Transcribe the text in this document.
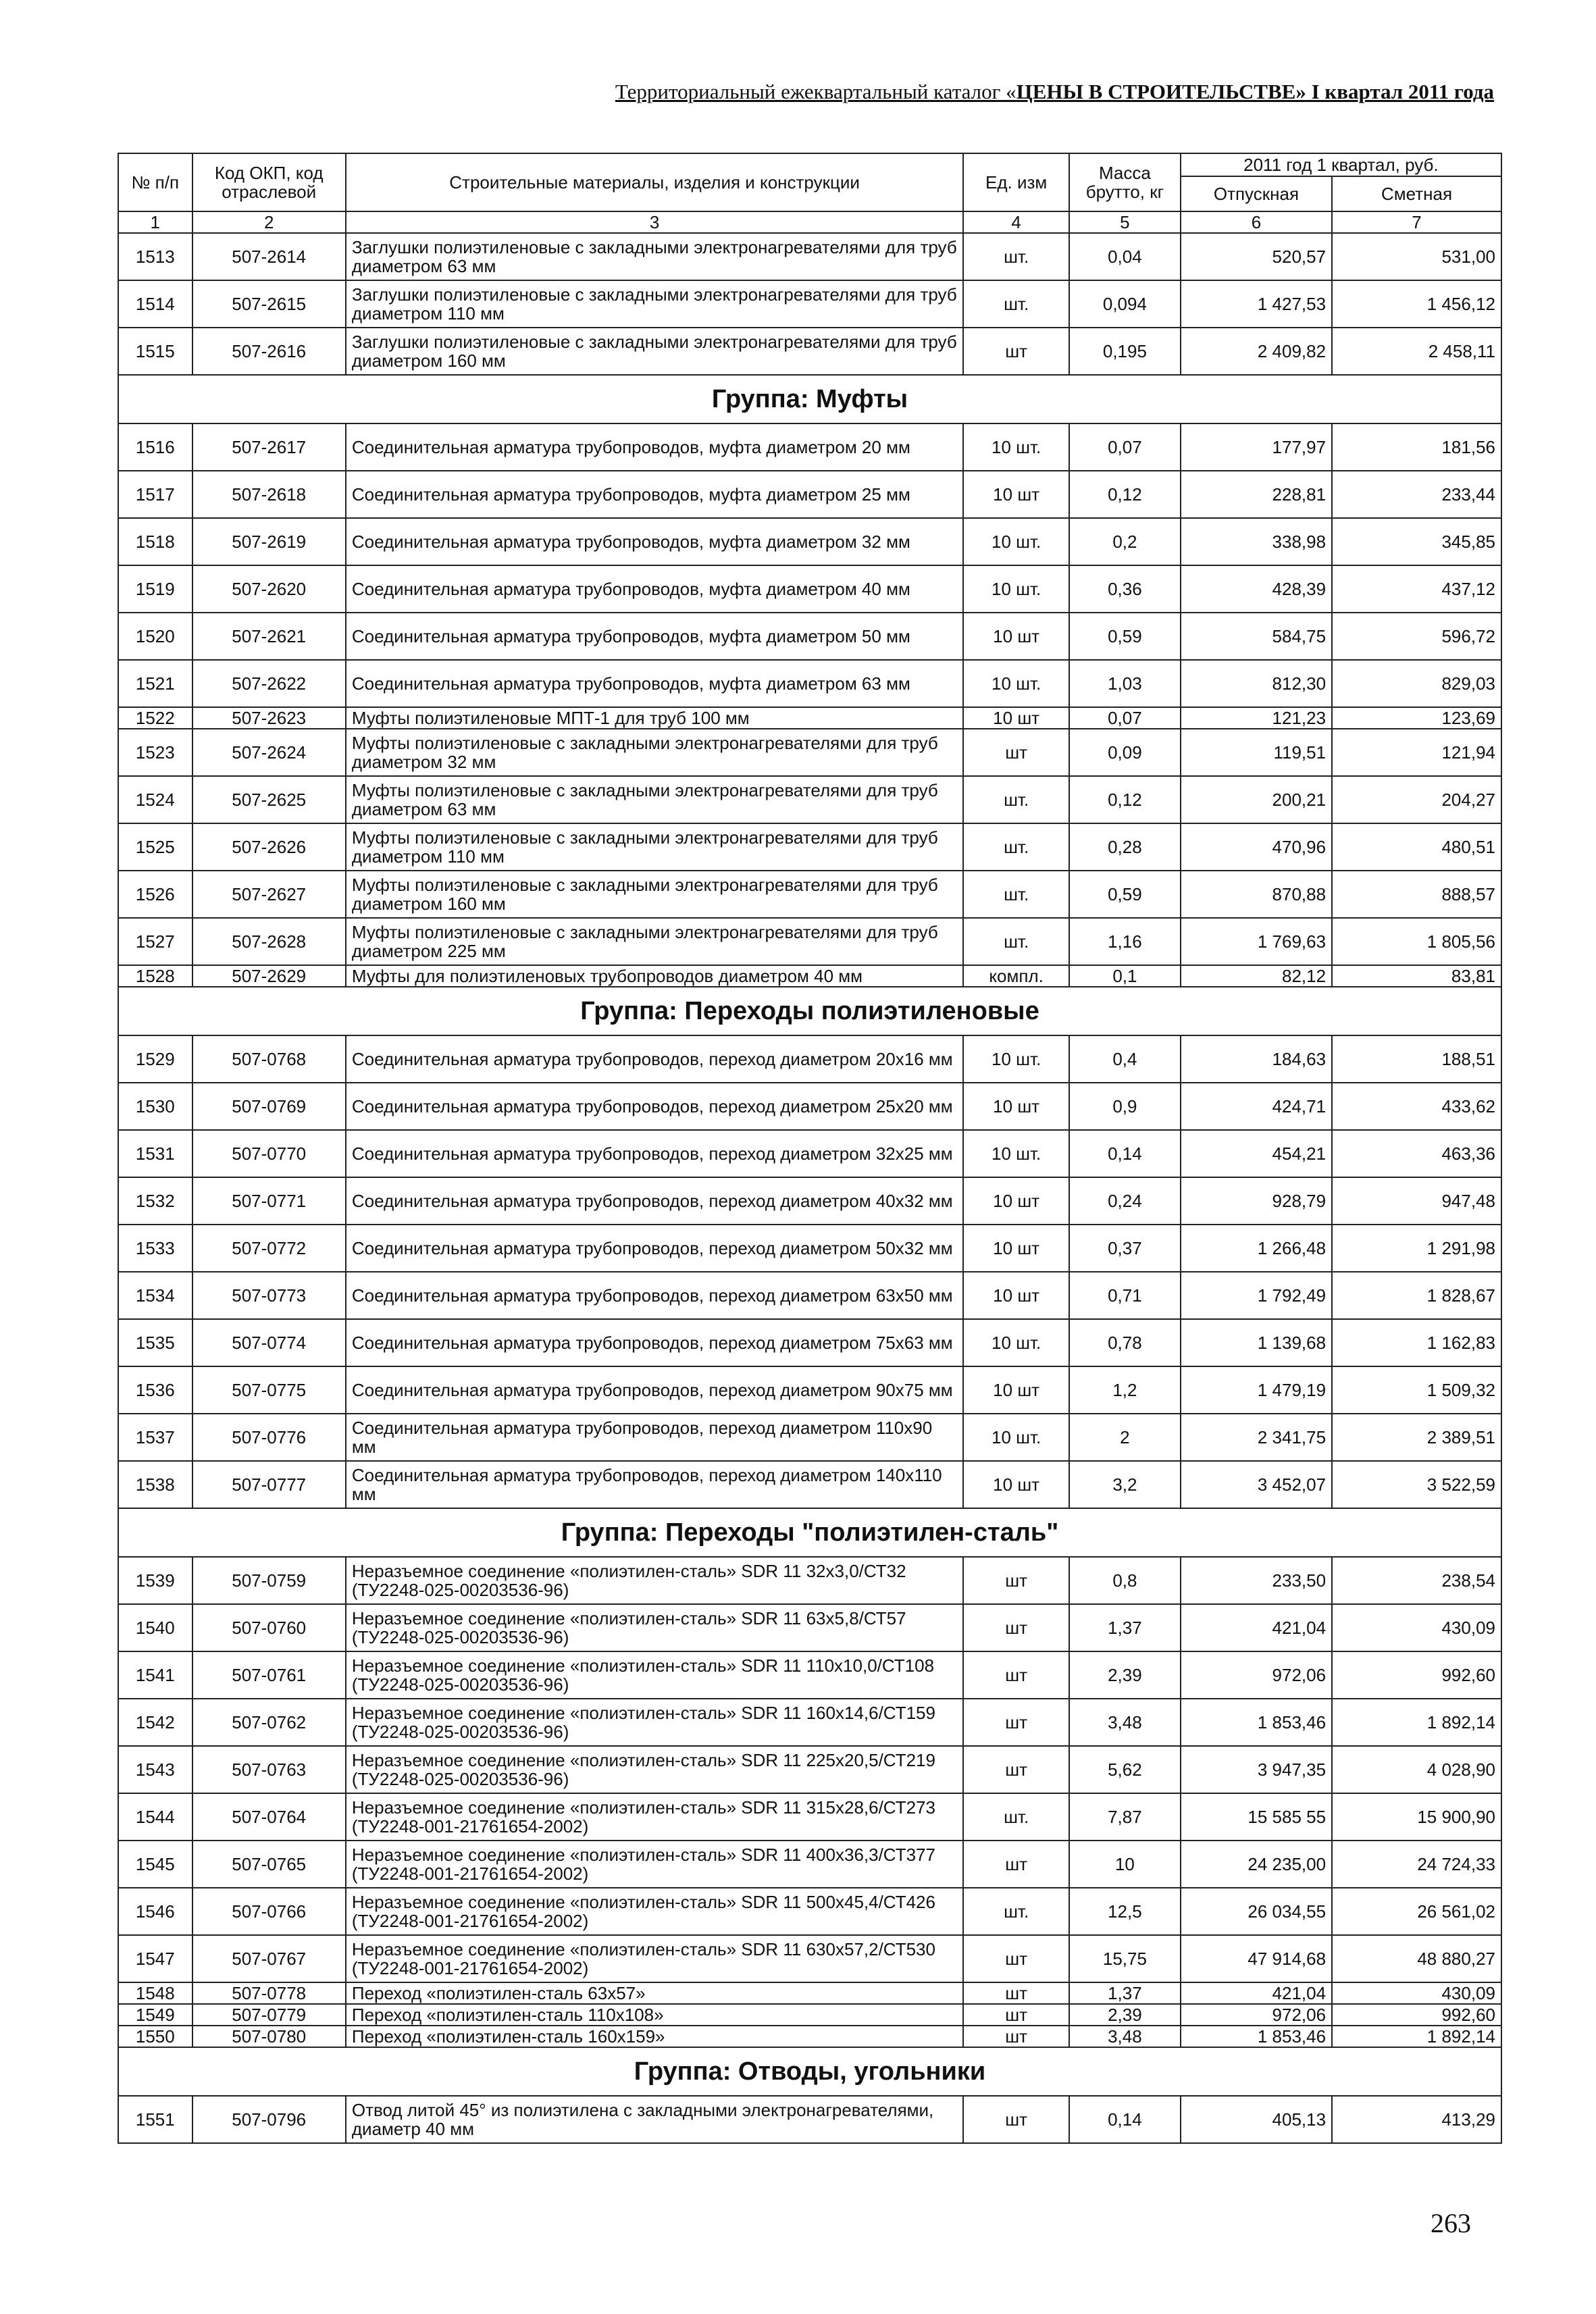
Территориальный ежеквартальный каталог «ЦЕНЫ В СТРОИТЕЛЬСТВЕ» I квартал 2011 года
№ п/п	Код ОКП, код отраслевой	Строительные материалы, изделия и конструкции	Ед. изм	Масса брутто, кг	2011 год 1 квартал, руб.	
					Отпускная	Сметная
1	2	3	4	5	6	7
1513	507-2614	Заглушки полиэтиленовые с закладными электронагревателями для труб диаметром 63 мм	шт.	0,04	520,57	531,00
1514	507-2615	Заглушки полиэтиленовые с закладными электронагревателями для труб диаметром 110 мм	шт.	0,094	1 427,53	1 456,12
1515	507-2616	Заглушки полиэтиленовые с закладными электронагревателями для труб диаметром 160 мм	шт	0,195	2 409,82	2 458,11
Группа: Муфты						
1516	507-2617	Соединительная арматура трубопроводов, муфта диаметром 20 мм	10 шт.	0,07	177,97	181,56
1517	507-2618	Соединительная арматура трубопроводов, муфта диаметром 25 мм	10 шт	0,12	228,81	233,44
1518	507-2619	Соединительная арматура трубопроводов, муфта диаметром 32 мм	10 шт.	0,2	338,98	345,85
1519	507-2620	Соединительная арматура трубопроводов, муфта диаметром 40 мм	10 шт.	0,36	428,39	437,12
1520	507-2621	Соединительная арматура трубопроводов, муфта диаметром 50 мм	10 шт	0,59	584,75	596,72
1521	507-2622	Соединительная арматура трубопроводов, муфта диаметром 63 мм	10 шт.	1,03	812,30	829,03
1522	507-2623	Муфты полиэтиленовые МПТ-1 для труб 100 мм	10 шт	0,07	121,23	123,69
1523	507-2624	Муфты полиэтиленовые с закладными электронагревателями для труб диаметром 32 мм	шт	0,09	119,51	121,94
1524	507-2625	Муфты полиэтиленовые с закладными электронагревателями для труб диаметром 63 мм	шт.	0,12	200,21	204,27
1525	507-2626	Муфты полиэтиленовые с закладными электронагревателями для труб диаметром 110 мм	шт.	0,28	470,96	480,51
1526	507-2627	Муфты полиэтиленовые с закладными электронагревателями для труб диаметром 160 мм	шт.	0,59	870,88	888,57
1527	507-2628	Муфты полиэтиленовые с закладными электронагревателями для труб диаметром 225 мм	шт.	1,16	1 769,63	1 805,56
1528	507-2629	Муфты для полиэтиленовых трубопроводов диаметром 40 мм	компл.	0,1	82,12	83,81
Группа: Переходы полиэтиленовые						
1529	507-0768	Соединительная арматура трубопроводов, переход диаметром 20х16 мм	10 шт.	0,4	184,63	188,51
1530	507-0769	Соединительная арматура трубопроводов, переход диаметром 25х20 мм	10 шт	0,9	424,71	433,62
1531	507-0770	Соединительная арматура трубопроводов, переход диаметром 32х25 мм	10 шт.	0,14	454,21	463,36
1532	507-0771	Соединительная арматура трубопроводов, переход диаметром 40х32 мм	10 шт	0,24	928,79	947,48
1533	507-0772	Соединительная арматура трубопроводов, переход диаметром 50х32 мм	10 шт	0,37	1 266,48	1 291,98
1534	507-0773	Соединительная арматура трубопроводов, переход диаметром 63х50 мм	10 шт	0,71	1 792,49	1 828,67
1535	507-0774	Соединительная арматура трубопроводов, переход диаметром 75х63 мм	10 шт.	0,78	1 139,68	1 162,83
1536	507-0775	Соединительная арматура трубопроводов, переход диаметром 90х75 мм	10 шт	1,2	1 479,19	1 509,32
1537	507-0776	Соединительная арматура трубопроводов, переход диаметром 110х90 мм	10 шт.	2	2 341,75	2 389,51
1538	507-0777	Соединительная арматура трубопроводов, переход диаметром 140х110 мм	10 шт	3,2	3 452,07	3 522,59
Группа: Переходы "полиэтилен-сталь"						
1539	507-0759	Неразъемное соединение «полиэтилен-сталь» SDR 11 32х3,0/СТ32 (ТУ2248-025-00203536-96)	шт	0,8	233,50	238,54
1540	507-0760	Неразъемное соединение «полиэтилен-сталь» SDR 11 63х5,8/СТ57 (ТУ2248-025-00203536-96)	шт	1,37	421,04	430,09
1541	507-0761	Неразъемное соединение «полиэтилен-сталь» SDR 11 110х10,0/СТ108 (ТУ2248-025-00203536-96)	шт	2,39	972,06	992,60
1542	507-0762	Неразъемное соединение «полиэтилен-сталь» SDR 11 160х14,6/СТ159 (ТУ2248-025-00203536-96)	шт	3,48	1 853,46	1 892,14
1543	507-0763	Неразъемное соединение «полиэтилен-сталь» SDR 11 225х20,5/СТ219 (ТУ2248-025-00203536-96)	шт	5,62	3 947,35	4 028,90
1544	507-0764	Неразъемное соединение «полиэтилен-сталь» SDR 11 315х28,6/СТ273 (ТУ2248-001-21761654-2002)	шт.	7,87	15 585 55	15 900,90
1545	507-0765	Неразъемное соединение «полиэтилен-сталь» SDR 11 400х36,3/СТ377 (ТУ2248-001-21761654-2002)	шт	10	24 235,00	24 724,33
1546	507-0766	Неразъемное соединение «полиэтилен-сталь» SDR 11 500х45,4/СТ426 (ТУ2248-001-21761654-2002)	шт.	12,5	26 034,55	26 561,02
1547	507-0767	Неразъемное соединение «полиэтилен-сталь» SDR 11 630х57,2/СТ530 (ТУ2248-001-21761654-2002)	шт	15,75	47 914,68	48 880,27
1548	507-0778	Переход «полиэтилен-сталь 63х57»	шт	1,37	421,04	430,09
1549	507-0779	Переход «полиэтилен-сталь 110х108»	шт	2,39	972,06	992,60
1550	507-0780	Переход «полиэтилен-сталь 160х159»	шт	3,48	1 853,46	1 892,14
Группа: Отводы, угольники						
1551	507-0796	Отвод литой 45° из полиэтилена с закладными электронагревателями, диаметр 40 мм	шт	0,14	405,13	413,29
263
